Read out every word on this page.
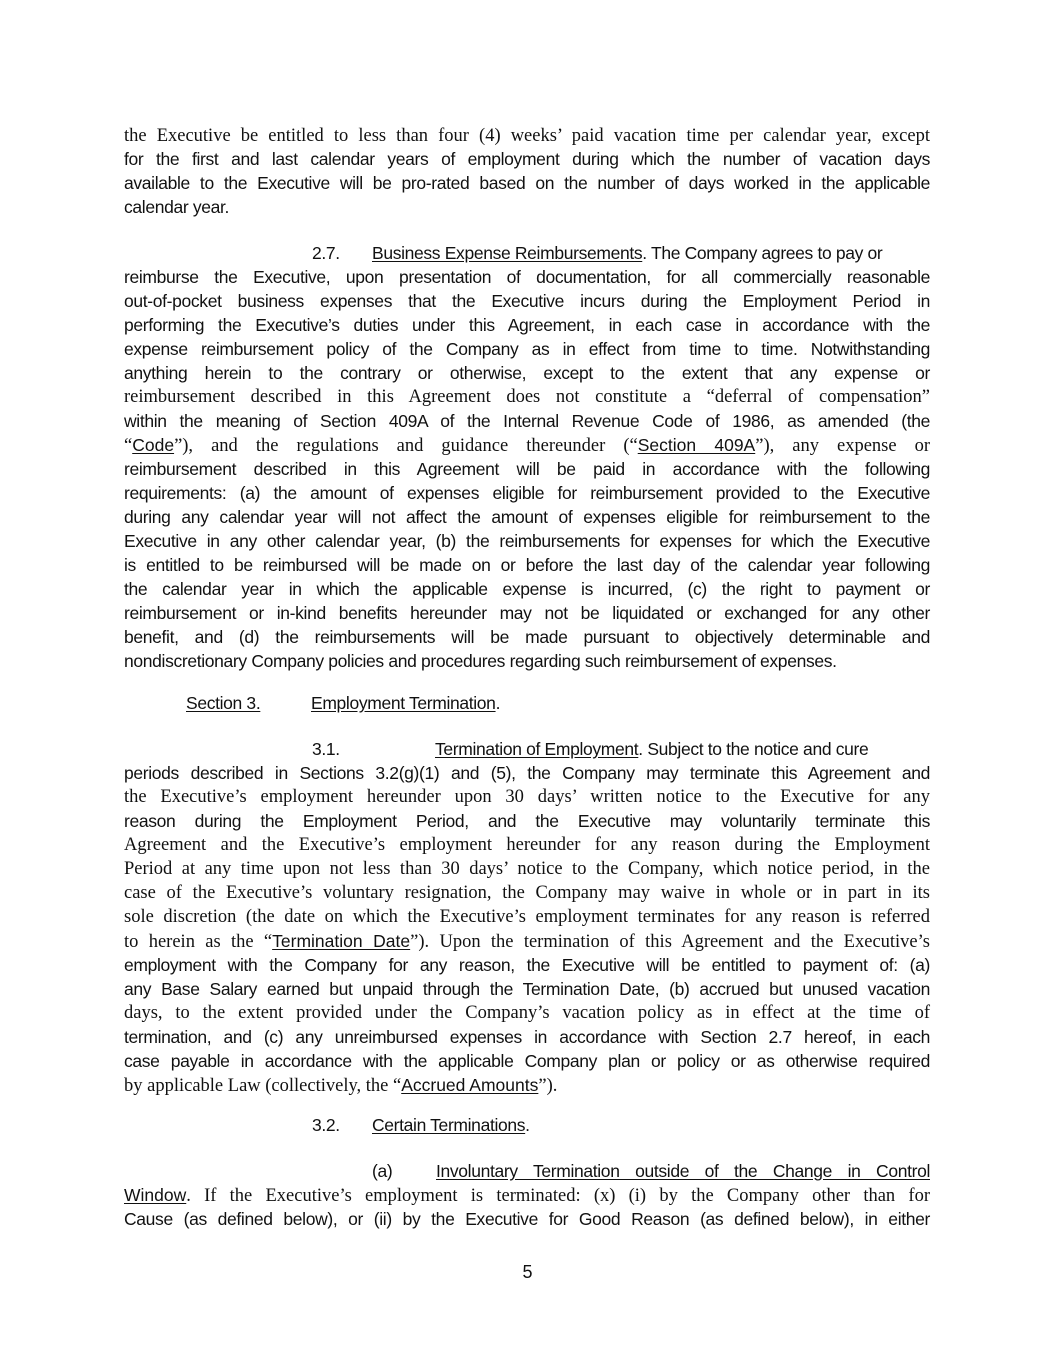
the Executive be entitled to less than four (4) weeks’ paid vacation time per calendar year, except
for the first and last calendar years of employment during which the number of vacation days
available to the Executive will be pro-rated based on the number of days worked in the applicable
calendar year.
2.7. Business Expense Reimbursements. The Company agrees to pay or
reimburse the Executive, upon presentation of documentation, for all commercially reasonable
out-of-pocket business expenses that the Executive incurs during the Employment Period in
performing the Executive’s duties under this Agreement, in each case in accordance with the
expense reimbursement policy of the Company as in effect from time to time. Notwithstanding
anything herein to the contrary or otherwise, except to the extent that any expense or
reimbursement described in this Agreement does not constitute a “deferral of compensation”
within the meaning of Section 409A of the Internal Revenue Code of 1986, as amended (the
“Code”), and the regulations and guidance thereunder (“Section 409A”), any expense or
reimbursement described in this Agreement will be paid in accordance with the following
requirements: (a) the amount of expenses eligible for reimbursement provided to the Executive
during any calendar year will not affect the amount of expenses eligible for reimbursement to the
Executive in any other calendar year, (b) the reimbursements for expenses for which the Executive
is entitled to be reimbursed will be made on or before the last day of the calendar year following
the calendar year in which the applicable expense is incurred, (c) the right to payment or
reimbursement or in-kind benefits hereunder may not be liquidated or exchanged for any other
benefit, and (d) the reimbursements will be made pursuant to objectively determinable and
nondiscretionary Company policies and procedures regarding such reimbursement of expenses.
Section 3.	Employment Termination.
3.1.	Termination of Employment. Subject to the notice and cure
periods described in Sections 3.2(g)(1) and (5), the Company may terminate this Agreement and
the Executive’s employment hereunder upon 30 days’ written notice to the Executive for any
reason during the Employment Period, and the Executive may voluntarily terminate this
Agreement and the Executive’s employment hereunder for any reason during the Employment
Period at any time upon not less than 30 days’ notice to the Company, which notice period, in the
case of the Executive’s voluntary resignation, the Company may waive in whole or in part in its
sole discretion (the date on which the Executive’s employment terminates for any reason is referred
to herein as the “Termination Date”). Upon the termination of this Agreement and the Executive’s
employment with the Company for any reason, the Executive will be entitled to payment of: (a)
any Base Salary earned but unpaid through the Termination Date, (b) accrued but unused vacation
days, to the extent provided under the Company’s vacation policy as in effect at the time of
termination, and (c) any unreimbursed expenses in accordance with Section 2.7 hereof, in each
case payable in accordance with the applicable Company plan or policy or as otherwise required
by applicable Law (collectively, the “Accrued Amounts”).
3.2. Certain Terminations.
(a) Involuntary Termination outside of the Change in Control
Window. If the Executive’s employment is terminated: (x) (i) by the Company other than for
Cause (as defined below), or (ii) by the Executive for Good Reason (as defined below), in either
5
